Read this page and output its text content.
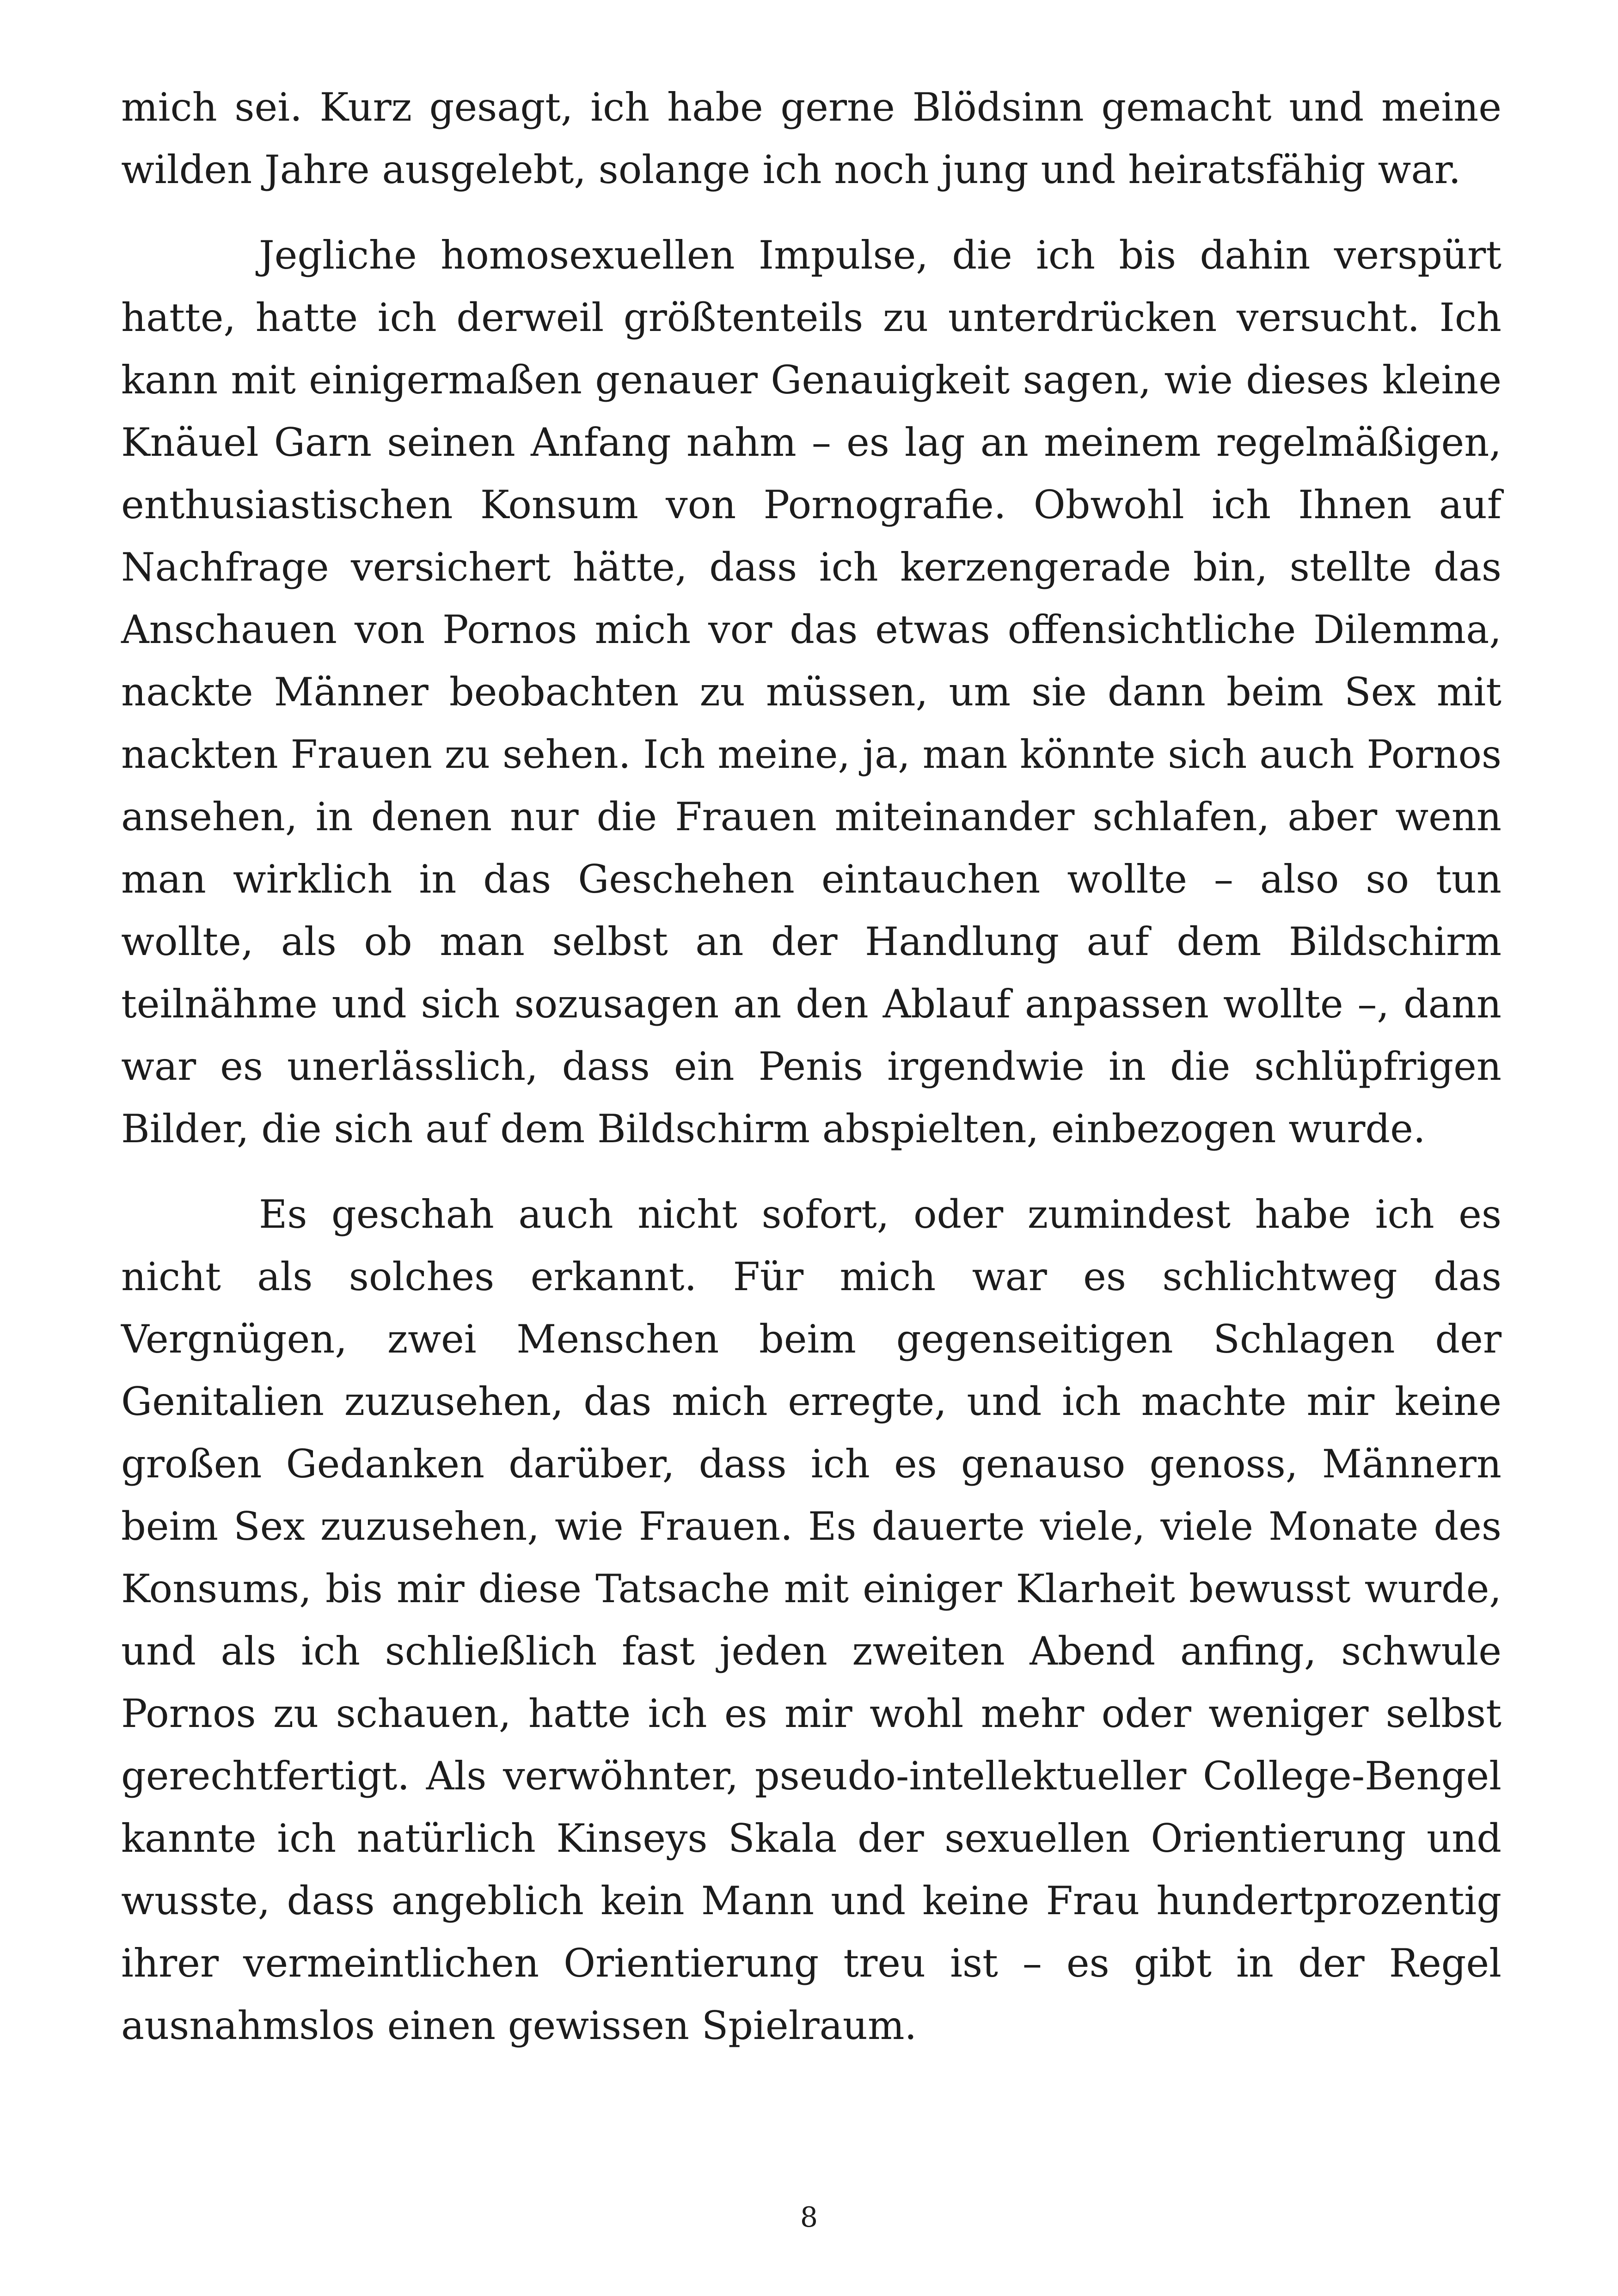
mich sei. Kurz gesagt, ich habe gerne Blödsinn gemacht und meine wilden Jahre ausgelebt, solange ich noch jung und heiratsfähig war.

Jegliche homosexuellen Impulse, die ich bis dahin verspürt hatte, hatte ich derweil größtenteils zu unterdrücken versucht. Ich kann mit einigermaßen genauer Genauigkeit sagen, wie dieses kleine Knäuel Garn seinen Anfang nahm – es lag an meinem regelmäßigen, enthusiastischen Konsum von Pornografie. Obwohl ich Ihnen auf Nachfrage versichert hätte, dass ich kerzengerade bin, stellte das Anschauen von Pornos mich vor das etwas offensichtliche Dilemma, nackte Männer beobachten zu müssen, um sie dann beim Sex mit nackten Frauen zu sehen. Ich meine, ja, man könnte sich auch Pornos ansehen, in denen nur die Frauen miteinander schlafen, aber wenn man wirklich in das Geschehen eintauchen wollte – also so tun wollte, als ob man selbst an der Handlung auf dem Bildschirm teilnähme und sich sozusagen an den Ablauf anpassen wollte –, dann war es unerlässlich, dass ein Penis irgendwie in die schlüpfrigen Bilder, die sich auf dem Bildschirm abspielten, einbezogen wurde.

Es geschah auch nicht sofort, oder zumindest habe ich es nicht als solches erkannt. Für mich war es schlichtweg das Vergnügen, zwei Menschen beim gegenseitigen Schlagen der Genitalien zuzusehen, das mich erregte, und ich machte mir keine großen Gedanken darüber, dass ich es genauso genoss, Männern beim Sex zuzusehen, wie Frauen. Es dauerte viele, viele Monate des Konsums, bis mir diese Tatsache mit einiger Klarheit bewusst wurde, und als ich schließlich fast jeden zweiten Abend anfing, schwule Pornos zu schauen, hatte ich es mir wohl mehr oder weniger selbst gerechtfertigt. Als verwöhnter, pseudo-intellektueller College-Bengel kannte ich natürlich Kinseys Skala der sexuellen Orientierung und wusste, dass angeblich kein Mann und keine Frau hundertprozentig ihrer vermeintlichen Orientierung treu ist – es gibt in der Regel ausnahmslos einen gewissen Spielraum.

8
